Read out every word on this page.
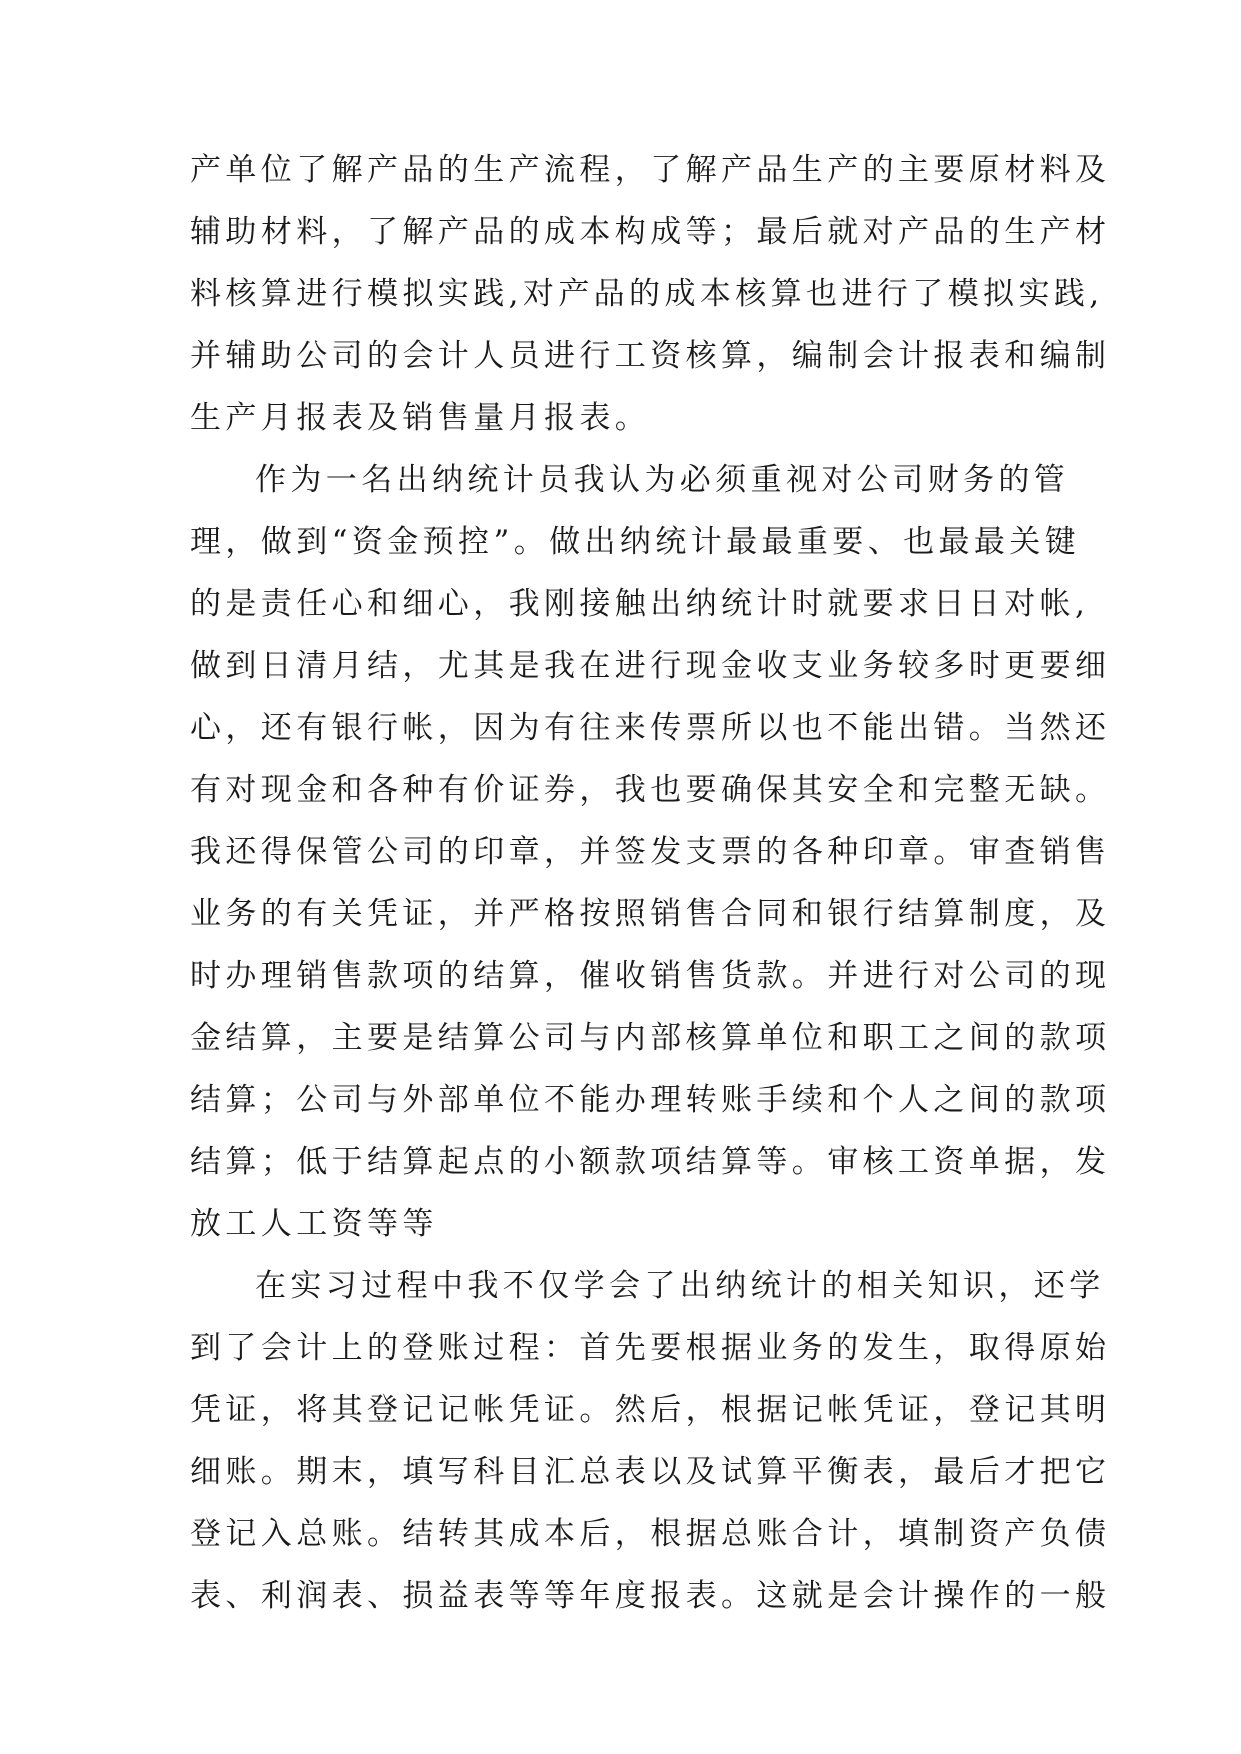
产单位了解产品的生产流程，了解产品生产的主要原材料及
辅助材料，了解产品的成本构成等；最后就对产品的生产材
料核算进行模拟实践,对产品的成本核算也进行了模拟实践,
并辅助公司的会计人员进行工资核算，编制会计报表和编制
生产月报表及销售量月报表。
作为一名出纳统计员我认为必须重视对公司财务的管
理，做到“资金预控”。做出纳统计最最重要、也最最关键
的是责任心和细心，我刚接触出纳统计时就要求日日对帐,
做到日清月结，尤其是我在进行现金收支业务较多时更要细
心，还有银行帐，因为有往来传票所以也不能出错。当然还
有对现金和各种有价证券，我也要确保其安全和完整无缺。
我还得保管公司的印章，并签发支票的各种印章。审查销售
业务的有关凭证，并严格按照销售合同和银行结算制度，及
时办理销售款项的结算，催收销售货款。并进行对公司的现
金结算，主要是结算公司与内部核算单位和职工之间的款项
结算；公司与外部单位不能办理转账手续和个人之间的款项
结算；低于结算起点的小额款项结算等。审核工资单据，发
放工人工资等等
在实习过程中我不仅学会了出纳统计的相关知识，还学
到了会计上的登账过程：首先要根据业务的发生，取得原始
凭证，将其登记记帐凭证。然后，根据记帐凭证，登记其明
细账。期末，填写科目汇总表以及试算平衡表，最后才把它
登记入总账。结转其成本后，根据总账合计，填制资产负债
表、利润表、损益表等等年度报表。这就是会计操作的一般
